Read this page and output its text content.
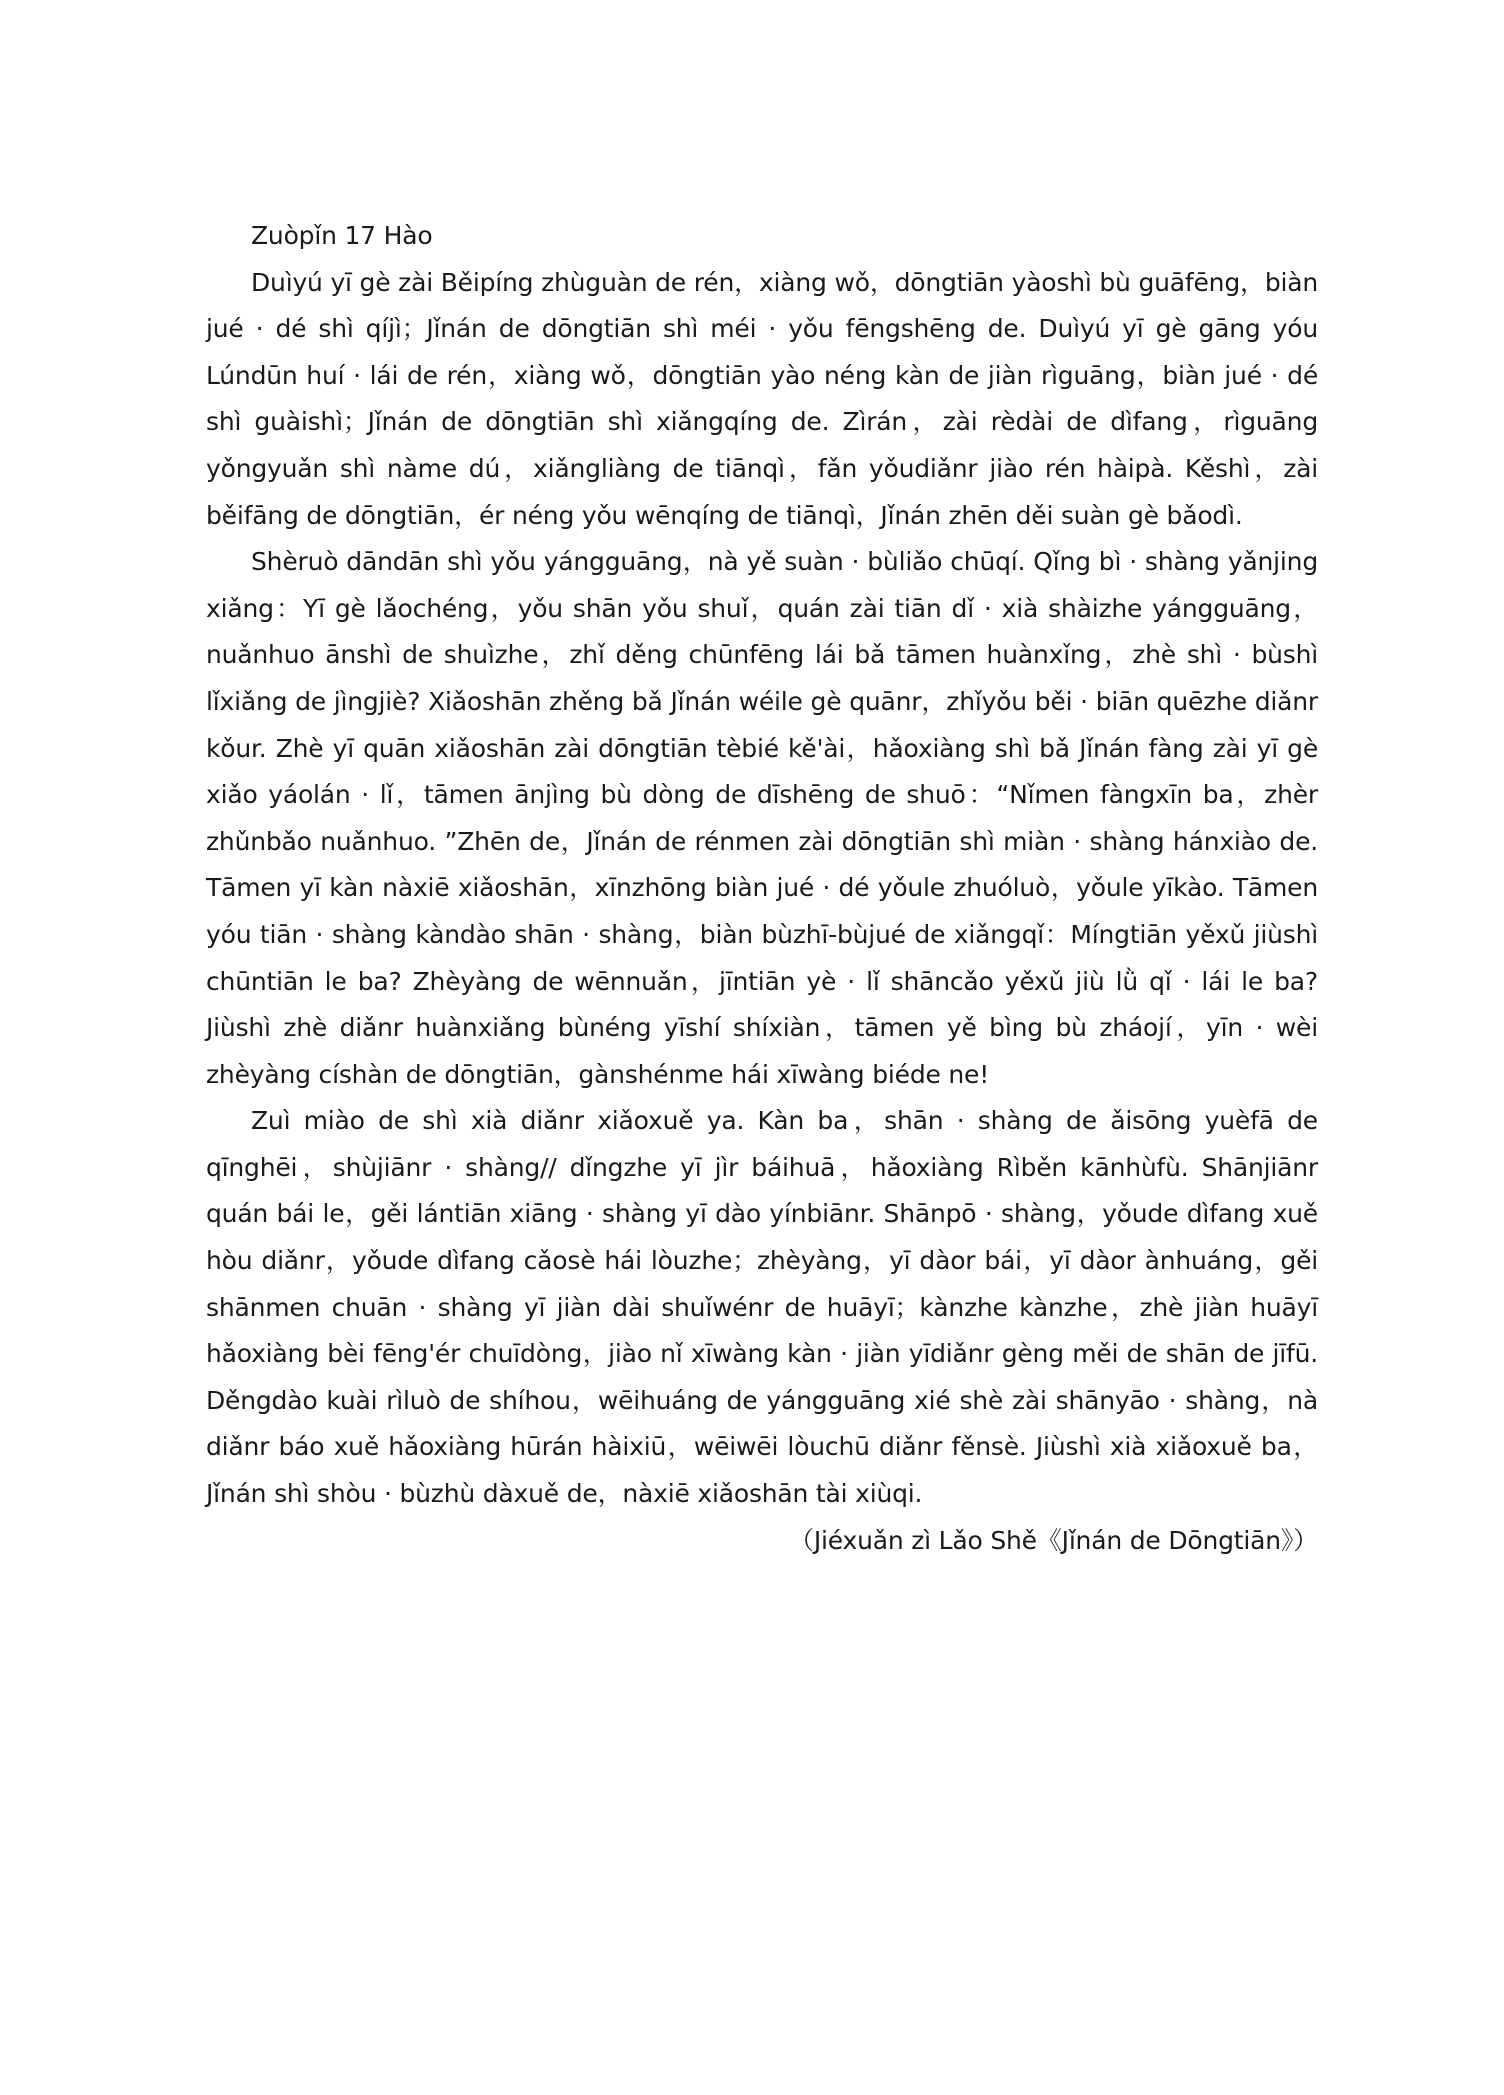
Zuòpǐn 17 Hào

Duìyú yī gè zài Běipíng zhùguàn de rén，xiàng wǒ，dōngtiān yàoshì bù guāfēng，biàn jué · dé shì qíjì；Jǐnán de dōngtiān shì méi · yǒu fēngshēng de. Duìyú yī gè gāng yóu Lúndūn huí · lái de rén，xiàng wǒ，dōngtiān yào néng kàn de jiàn rìguāng，biàn jué · dé shì guàishì；Jǐnán de dōngtiān shì xiǎngqíng de. Zìrán，zài rèdài de dìfang，rìguāng yǒngyuǎn shì nàme dú，xiǎngliàng de tiānqì，fǎn yǒudiǎnr jiào rén hàipà. Kěshì，zài běifāng de dōngtiān，ér néng yǒu wēnqíng de tiānqì，Jǐnán zhēn děi suàn gè bǎodì.

Shèruò dāndān shì yǒu yángguāng，nà yě suàn · bùliǎo chūqí. Qǐng bì · shàng yǎnjing xiǎng：Yī gè lǎochéng，yǒu shān yǒu shuǐ，quán zài tiān dǐ · xià shàizhe yángguāng，nuǎnhuo ānshì de shuìzhe，zhǐ děng chūnfēng lái bǎ tāmen huànxǐng，zhè shì · bùshì lǐxiǎng de jìngjiè? Xiǎoshān zhěng bǎ Jǐnán wéile gè quānr，zhǐyǒu běi · biān quēzhe diǎnr kǒur. Zhè yī quān xiǎoshān zài dōngtiān tèbié kě'ài，hǎoxiàng shì bǎ Jǐnán fàng zài yī gè xiǎo yáolán · lǐ，tāmen ānjìng bù dòng de dīshēng de shuō：“Nǐmen fàngxīn ba，zhèr zhǔnbǎo nuǎnhuo. ”Zhēn de，Jǐnán de rénmen zài dōngtiān shì miàn · shàng hánxiào de. Tāmen yī kàn nàxiē xiǎoshān，xīnzhōng biàn jué · dé yǒule zhuóluò，yǒule yīkào. Tāmen yóu tiān · shàng kàndào shān · shàng，biàn bùzhī-bùjué de xiǎngqǐ：Míngtiān yěxǔ jiùshì chūntiān le ba? Zhèyàng de wēnnuǎn，jīntiān yè · lǐ shāncǎo yěxǔ jiù lǜ qǐ · lái le ba? Jiùshì zhè diǎnr huànxiǎng bùnéng yīshí shíxiàn，tāmen yě bìng bù zháojí，yīn · wèi zhèyàng císhàn de dōngtiān，gànshénme hái xīwàng biéde ne!

Zuì miào de shì xià diǎnr xiǎoxuě ya. Kàn ba，shān · shàng de ǎisōng yuèfā de qīnghēi，shùjiānr · shàng// dǐngzhe yī jìr báihuā，hǎoxiàng Rìběn kānhùfù. Shānjiānr quán bái le，gěi lántiān xiāng · shàng yī dào yínbiānr. Shānpō · shàng，yǒude dìfang xuě hòu diǎnr，yǒude dìfang cǎosè hái lòuzhe；zhèyàng，yī dàor bái，yī dàor ànhuáng，gěi shānmen chuān · shàng yī jiàn dài shuǐwénr de huāyī；kànzhe kànzhe，zhè jiàn huāyī hǎoxiàng bèi fēng'ér chuīdòng，jiào nǐ xīwàng kàn · jiàn yīdiǎnr gèng měi de shān de jīfū. Děngdào kuài rìluò de shíhou，wēihuáng de yángguāng xié shè zài shānyāo · shàng，nà diǎnr báo xuě hǎoxiàng hūrán hàixiū，wēiwēi lòuchū diǎnr fěnsè. Jiùshì xià xiǎoxuě ba，Jǐnán shì shòu · bùzhù dàxuě de，nàxiē xiǎoshān tài xiùqi.

（Jiéxuǎn zì Lǎo Shě《Jǐnán de Dōngtiān》）
